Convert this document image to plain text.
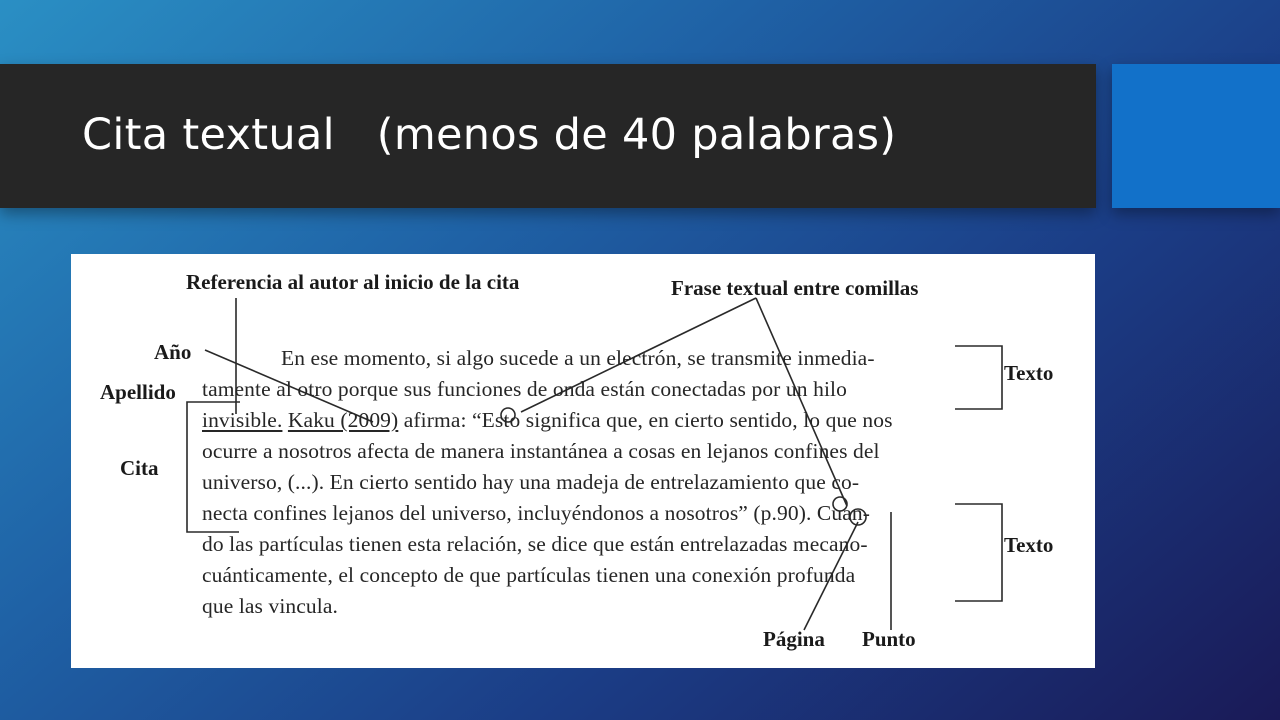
Cita textual   (menos de 40 palabras)
Referencia al autor al inicio de la cita	Frase textual entre comillas
Año
Apellido
Cita
Texto
Texto
Página Punto
En ese momento, si algo sucede a un electrón, se transmite inmedia-
tamente al otro porque sus funciones de onda están conectadas por un hilo
invisible. Kaku (2009) afirma: “Esto significa que, en cierto sentido, lo que nos
ocurre a nosotros afecta de manera instantánea a cosas en lejanos confines del
universo, (...). En cierto sentido hay una madeja de entrelazamiento que co-
necta confines lejanos del universo, incluyéndonos a nosotros” (p.90). Cuan-
do las partículas tienen esta relación, se dice que están entrelazadas mecano-
cuánticamente, el concepto de que partículas tienen una conexión profunda
que las vincula.
